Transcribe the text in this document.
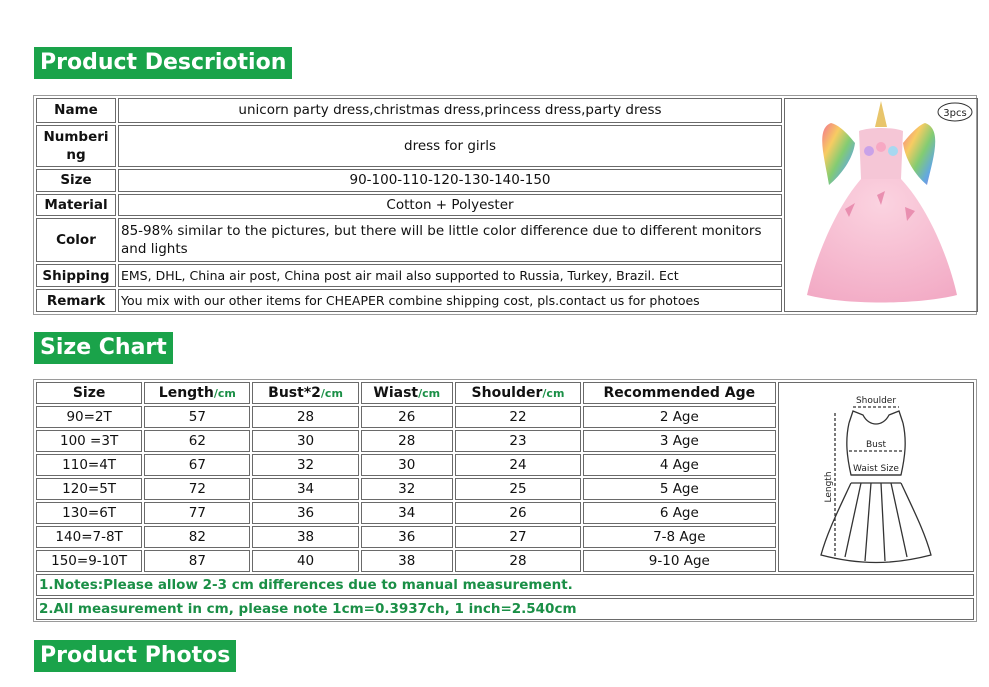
Product Descriotion
Name	unicorn party dress,christmas dress,princess dress,party dress	3pcs

Numbering	dress for girls	
Size	90-100-110-120-130-140-150	
Material	Cotton + Polyester	
Color	85-98% similar to the pictures, but there will be little color difference due to different monitors and lights	
Shipping	EMS, DHL, China air post, China post air mail also supported to Russia, Turkey, Brazil. Ect	
Remark	You mix with our other items for CHEAPER combine shipping cost, pls.contact us for photoes	
Size Chart
Size	Length/cm	Bust*2/cm	Wiast/cm	Shoulder/cm	Recommended Age	Shoulder
Bust
Waist Size
Length

90=2T	57	28	26	22	2 Age	
100 =3T	62	30	28	23	3 Age	
110=4T	67	32	30	24	4 Age	
120=5T	72	34	32	25	5 Age	
130=6T	77	36	34	26	6 Age	
140=7-8T	82	38	36	27	7-8 Age	
150=9-10T	87	40	38	28	9-10 Age	
1.Notes:Please allow 2-3 cm differences due to manual measurement.						
2.All measurement in cm, please note 1cm=0.3937ch, 1 inch=2.540cm						
Product Photos
